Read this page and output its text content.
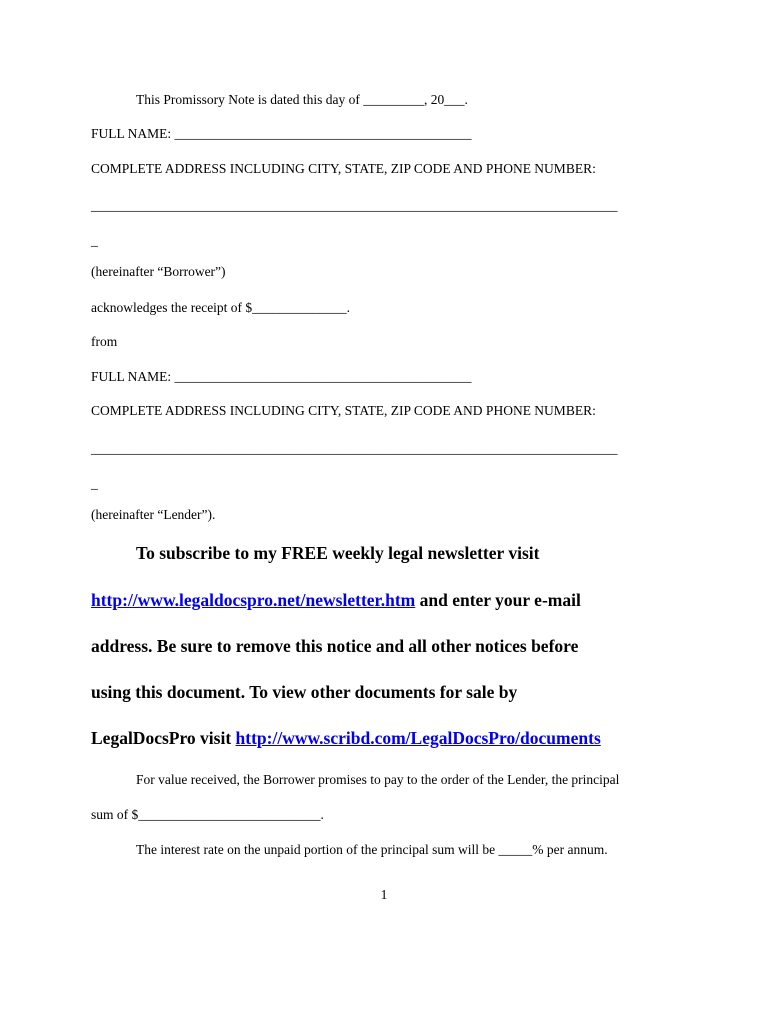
This Promissory Note is dated this day of _________, 20___.
FULL NAME: ____________________________________________
COMPLETE ADDRESS INCLUDING CITY, STATE, ZIP CODE AND PHONE NUMBER:
______________________________________________________________________________
_
(hereinafter “Borrower”)
acknowledges the receipt of $______________.
from
FULL NAME: ____________________________________________
COMPLETE ADDRESS INCLUDING CITY, STATE, ZIP CODE AND PHONE NUMBER:
______________________________________________________________________________
_
(hereinafter “Lender”).
To subscribe to my FREE weekly legal newsletter visit
http://www.legaldocspro.net/newsletter.htm and enter your e-mail
address. Be sure to remove this notice and all other notices before
using this document. To view other documents for sale by
LegalDocsPro visit http://www.scribd.com/LegalDocsPro/documents
For value received, the Borrower promises to pay to the order of the Lender, the principal
sum of $___________________________.
The interest rate on the unpaid portion of the principal sum will be _____% per annum.
1
